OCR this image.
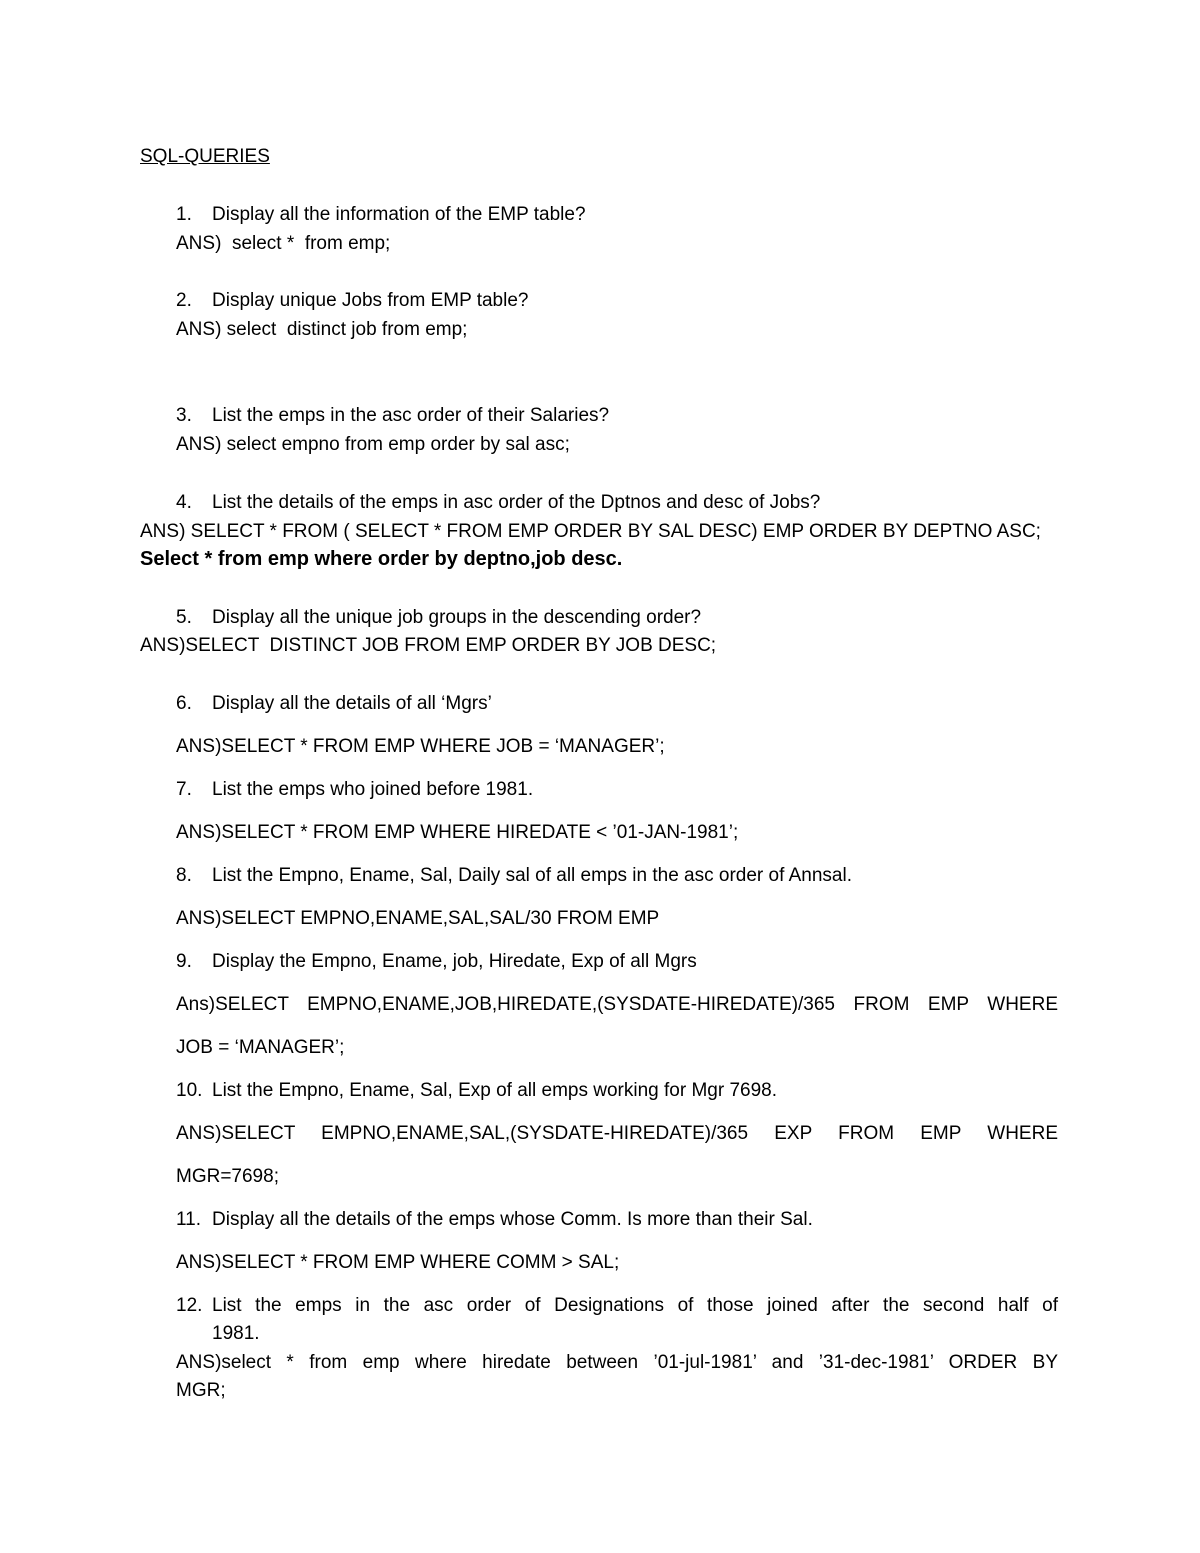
SQL-QUERIES
1. Display all the information of the EMP table?
ANS)  select *  from emp;
2. Display unique Jobs from EMP table?
ANS) select  distinct job from emp;
3. List the emps in the asc order of their Salaries?
ANS) select empno from emp order by sal asc;
4. List the details of the emps in asc order of the Dptnos and desc of Jobs?
ANS) SELECT * FROM ( SELECT * FROM EMP ORDER BY SAL DESC) EMP ORDER BY DEPTNO ASC;
Select * from emp where order by deptno,job desc.
5. Display all the unique job groups in the descending order?
ANS)SELECT  DISTINCT JOB FROM EMP ORDER BY JOB DESC;
6. Display all the details of all ‘Mgrs’
ANS)SELECT * FROM EMP WHERE JOB = ‘MANAGER’;
7. List the emps who joined before 1981.
ANS)SELECT * FROM EMP WHERE HIREDATE < ’01-JAN-1981’;
8. List the Empno, Ename, Sal, Daily sal of all emps in the asc order of Annsal.
ANS)SELECT EMPNO,ENAME,SAL,SAL/30 FROM EMP
9. Display the Empno, Ename, job, Hiredate, Exp of all Mgrs
Ans)SELECT EMPNO,ENAME,JOB,HIREDATE,(SYSDATE-HIREDATE)/365 FROM EMP WHERE
JOB = ‘MANAGER’;
10. List the Empno, Ename, Sal, Exp of all emps working for Mgr 7698.
ANS)SELECT EMPNO,ENAME,SAL,(SYSDATE-HIREDATE)/365 EXP FROM EMP WHERE
MGR=7698;
11. Display all the details of the emps whose Comm. Is more than their Sal.
ANS)SELECT * FROM EMP WHERE COMM > SAL;
12. List the emps in the asc order of Designations of those joined after the second half of
1981.
ANS)select * from emp where hiredate between ’01-jul-1981’ and ’31-dec-1981’ ORDER BY
MGR;
